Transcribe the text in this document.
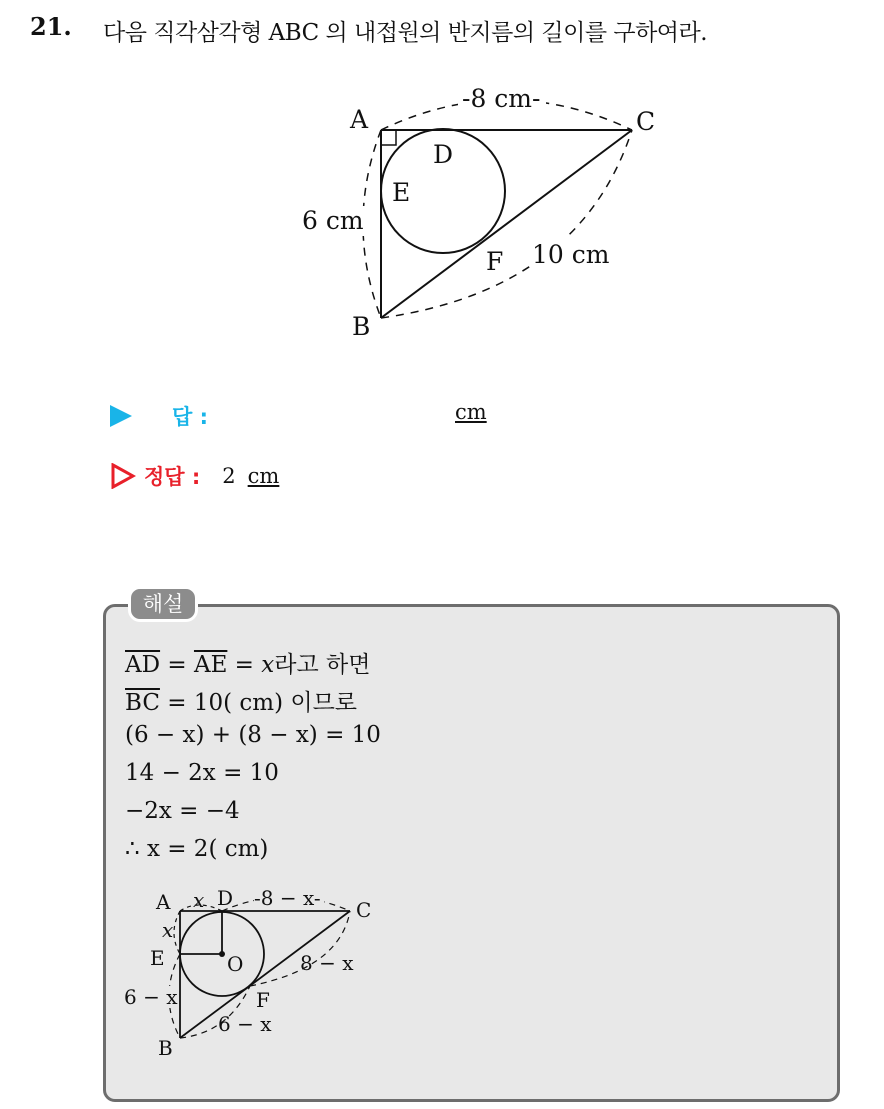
21. 다음 직각삼각형 ABC 의 내접원의 반지름의 길이를 구하여라.
-8 cm-
A	C
B
D
E
F
6 cm
10 cm
답 :	cm
정답 : 2 cm
해설
$\overline{AD} = \overline{AE} = x$라고 하면
$\overline{BC} = 10$( cm) 이므로
(6 − x) + (8 − x) = 10
14 − 2x = 10
−2x = −4
∴ x = 2( cm)
A	C
B
D
E	O
F
x -8 − x-
x
6 − x
8 − x
6 − x
